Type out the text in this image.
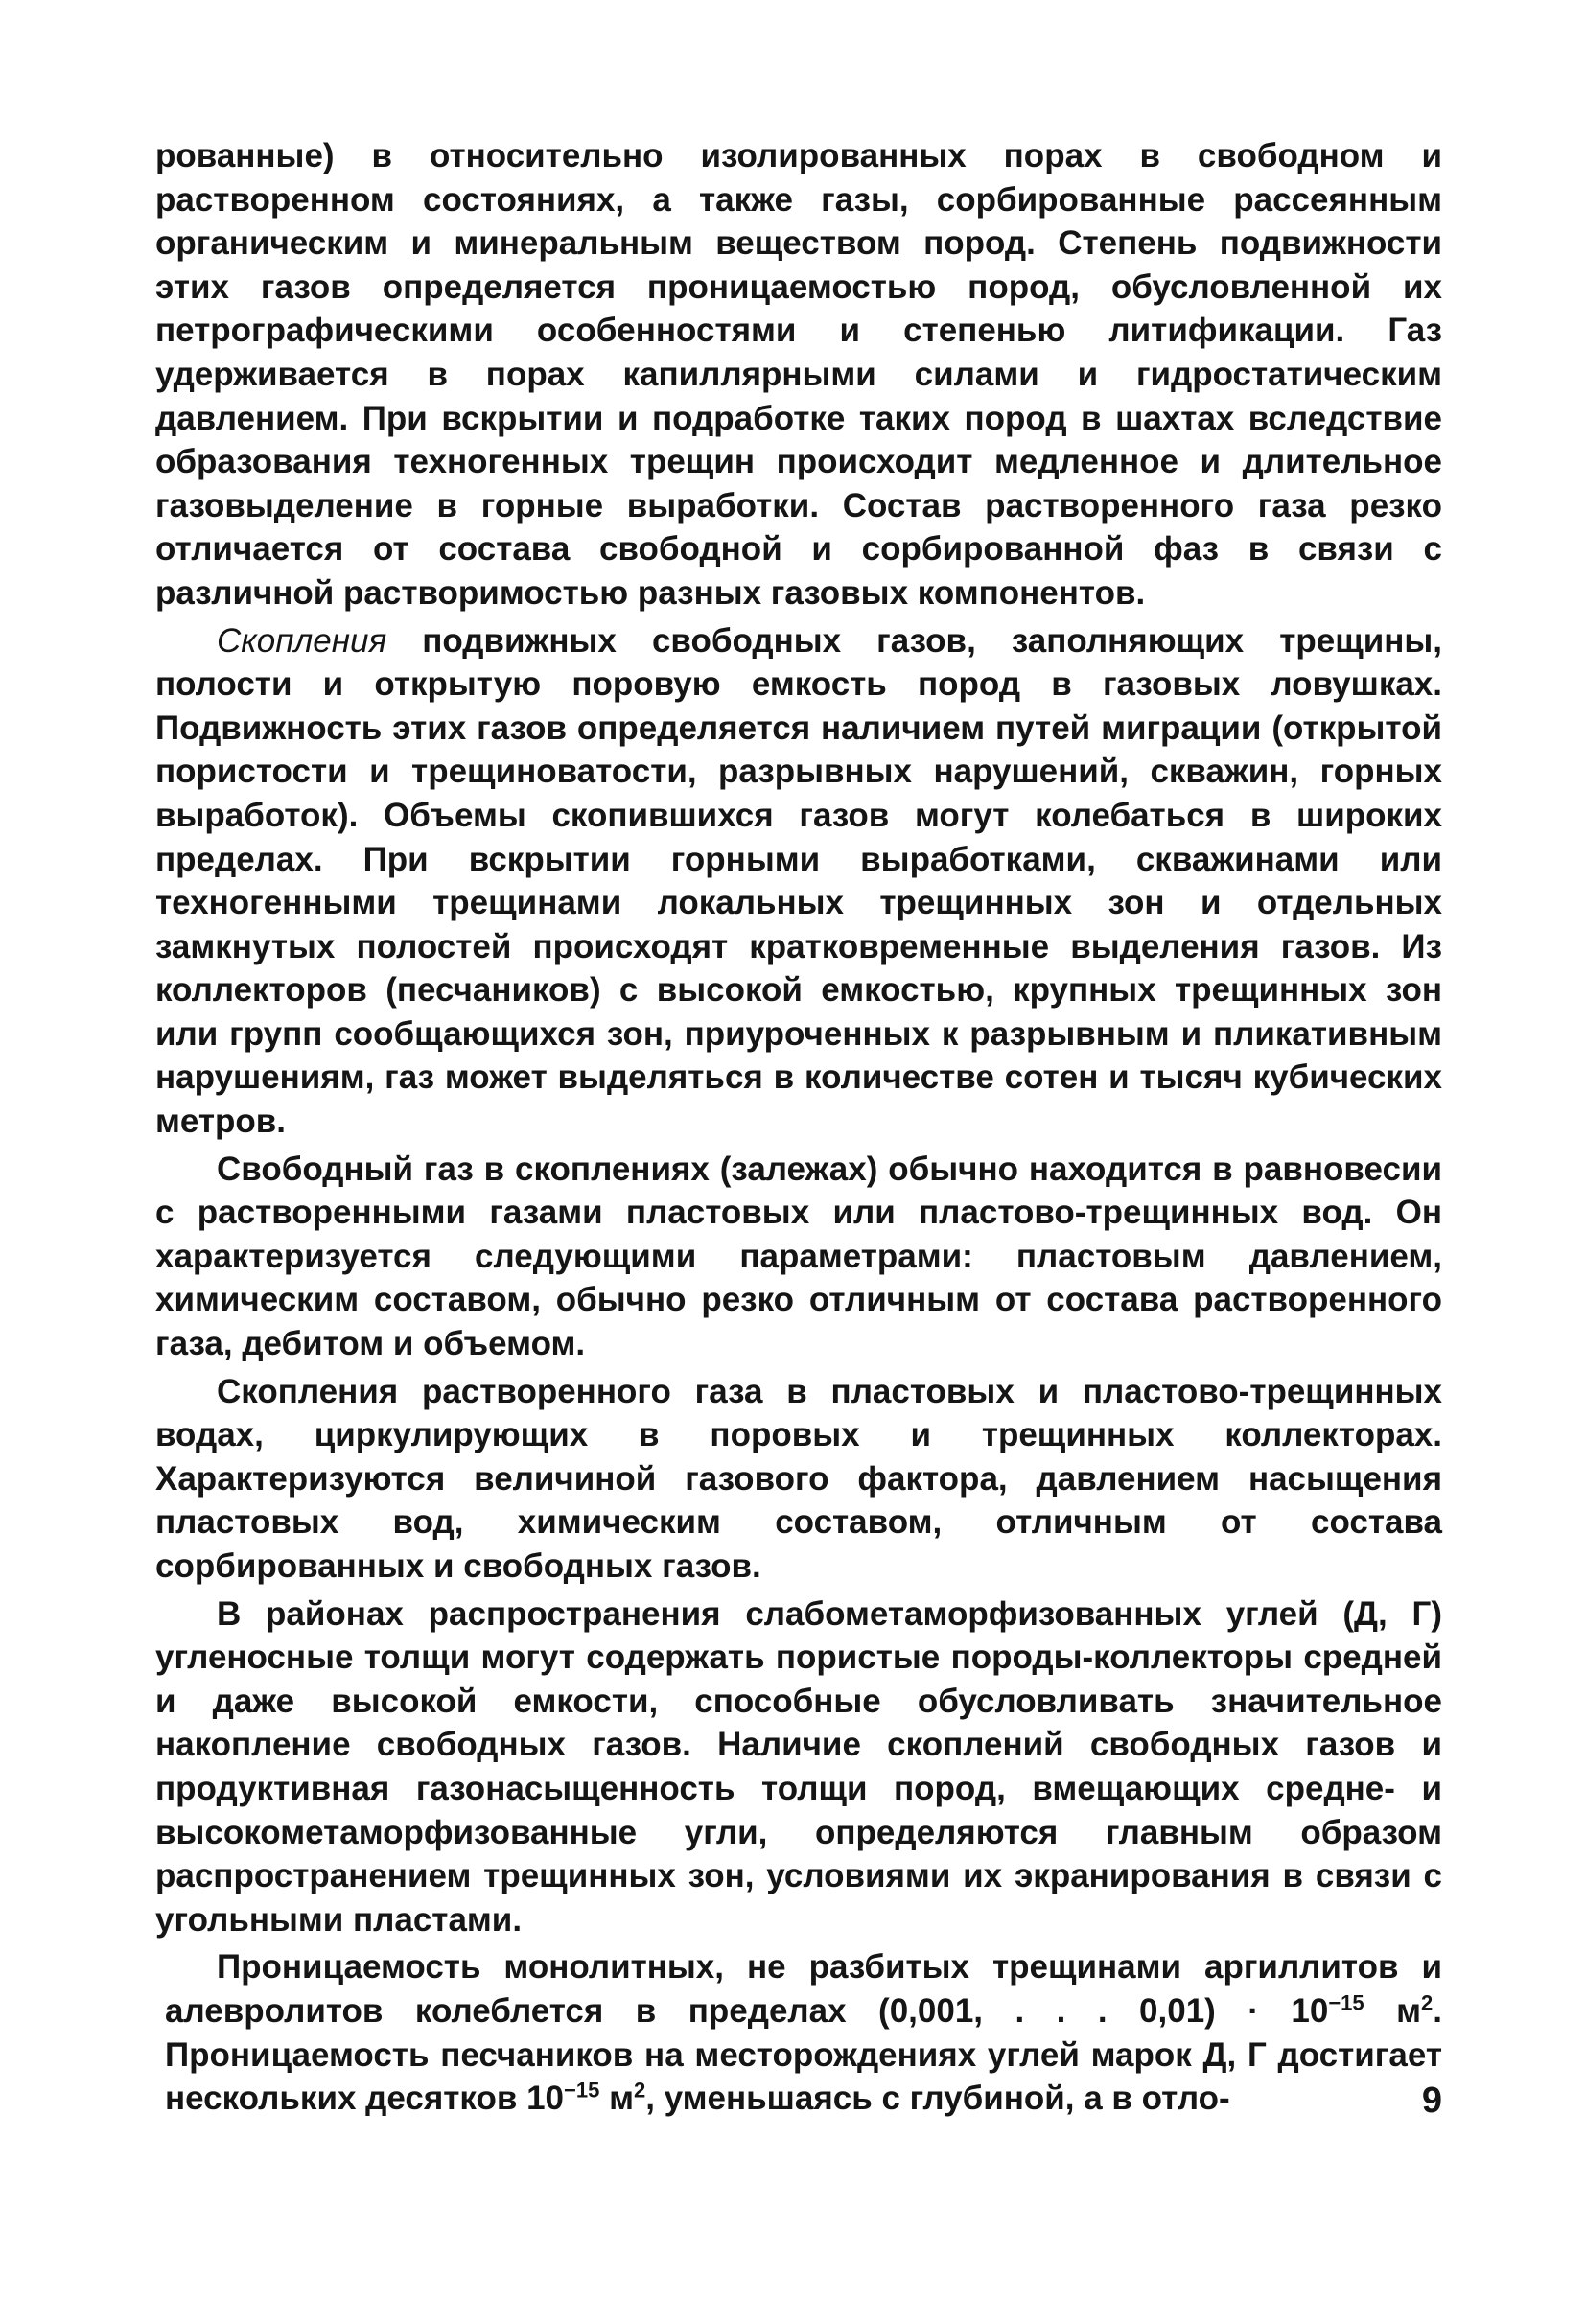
рованные) в относительно изолированных порах в свободном и растворенном состояниях, а также газы, сорбированные рассеянным органическим и минеральным веществом пород. Степень подвижности этих газов определяется проницаемостью пород, обусловленной их петрографическими особенностями и степенью литификации. Газ удерживается в порах капиллярными силами и гидростатическим давлением. При вскрытии и подработке таких пород в шахтах вследствие образования техногенных трещин происходит медленное и длительное газовыделение в горные выработки. Состав растворенного газа резко отличается от состава свободной и сорбированной фаз в связи с различной растворимостью разных газовых компонентов.

Скопления подвижных свободных газов, заполняющих трещины, полости и открытую поровую емкость пород в газовых ловушках. Подвижность этих газов определяется наличием путей миграции (открытой пористости и трещиноватости, разрывных нарушений, скважин, горных выработок). Объемы скопившихся газов могут колебаться в широких пределах. При вскрытии горными выработками, скважинами или техногенными трещинами локальных трещинных зон и отдельных замкнутых полостей происходят кратковременные выделения газов. Из коллекторов (песчаников) с высокой емкостью, крупных трещинных зон или групп сообщающихся зон, приуроченных к разрывным и пликативным нарушениям, газ может выделяться в количестве сотен и тысяч кубических метров.

Свободный газ в скоплениях (залежах) обычно находится в равновесии с растворенными газами пластовых или пластово-трещинных вод. Он характеризуется следующими параметрами: пластовым давлением, химическим составом, обычно резко отличным от состава растворенного газа, дебитом и объемом.

Скопления растворенного газа в пластовых и пластово-трещинных водах, циркулирующих в поровых и трещинных коллекторах. Характеризуются величиной газового фактора, давлением насыщения пластовых вод, химическим составом, отличным от состава сорбированных и свободных газов.

В районах распространения слабометаморфизованных углей (Д, Г) угленосные толщи могут содержать пористые породы-коллекторы средней и даже высокой емкости, способные обусловливать значительное накопление свободных газов. Наличие скоплений свободных газов и продуктивная газонасыщенность толщи пород, вмещающих средне- и высокометаморфизованные угли, определяются главным образом распространением трещинных зон, условиями их экранирования в связи с угольными пластами.

Проницаемость монолитных, не разбитых трещинами аргиллитов и алевролитов колеблется в пределах (0,001, . . . $0,01) \cdot 10^{-15}$ $м^2$. Проницаемость песчаников на месторождениях углей марок Д, Г достигает нескольких десятков $10^{-15}$ $м^2$, уменьшаясь с глубиной, а в отло-	9
